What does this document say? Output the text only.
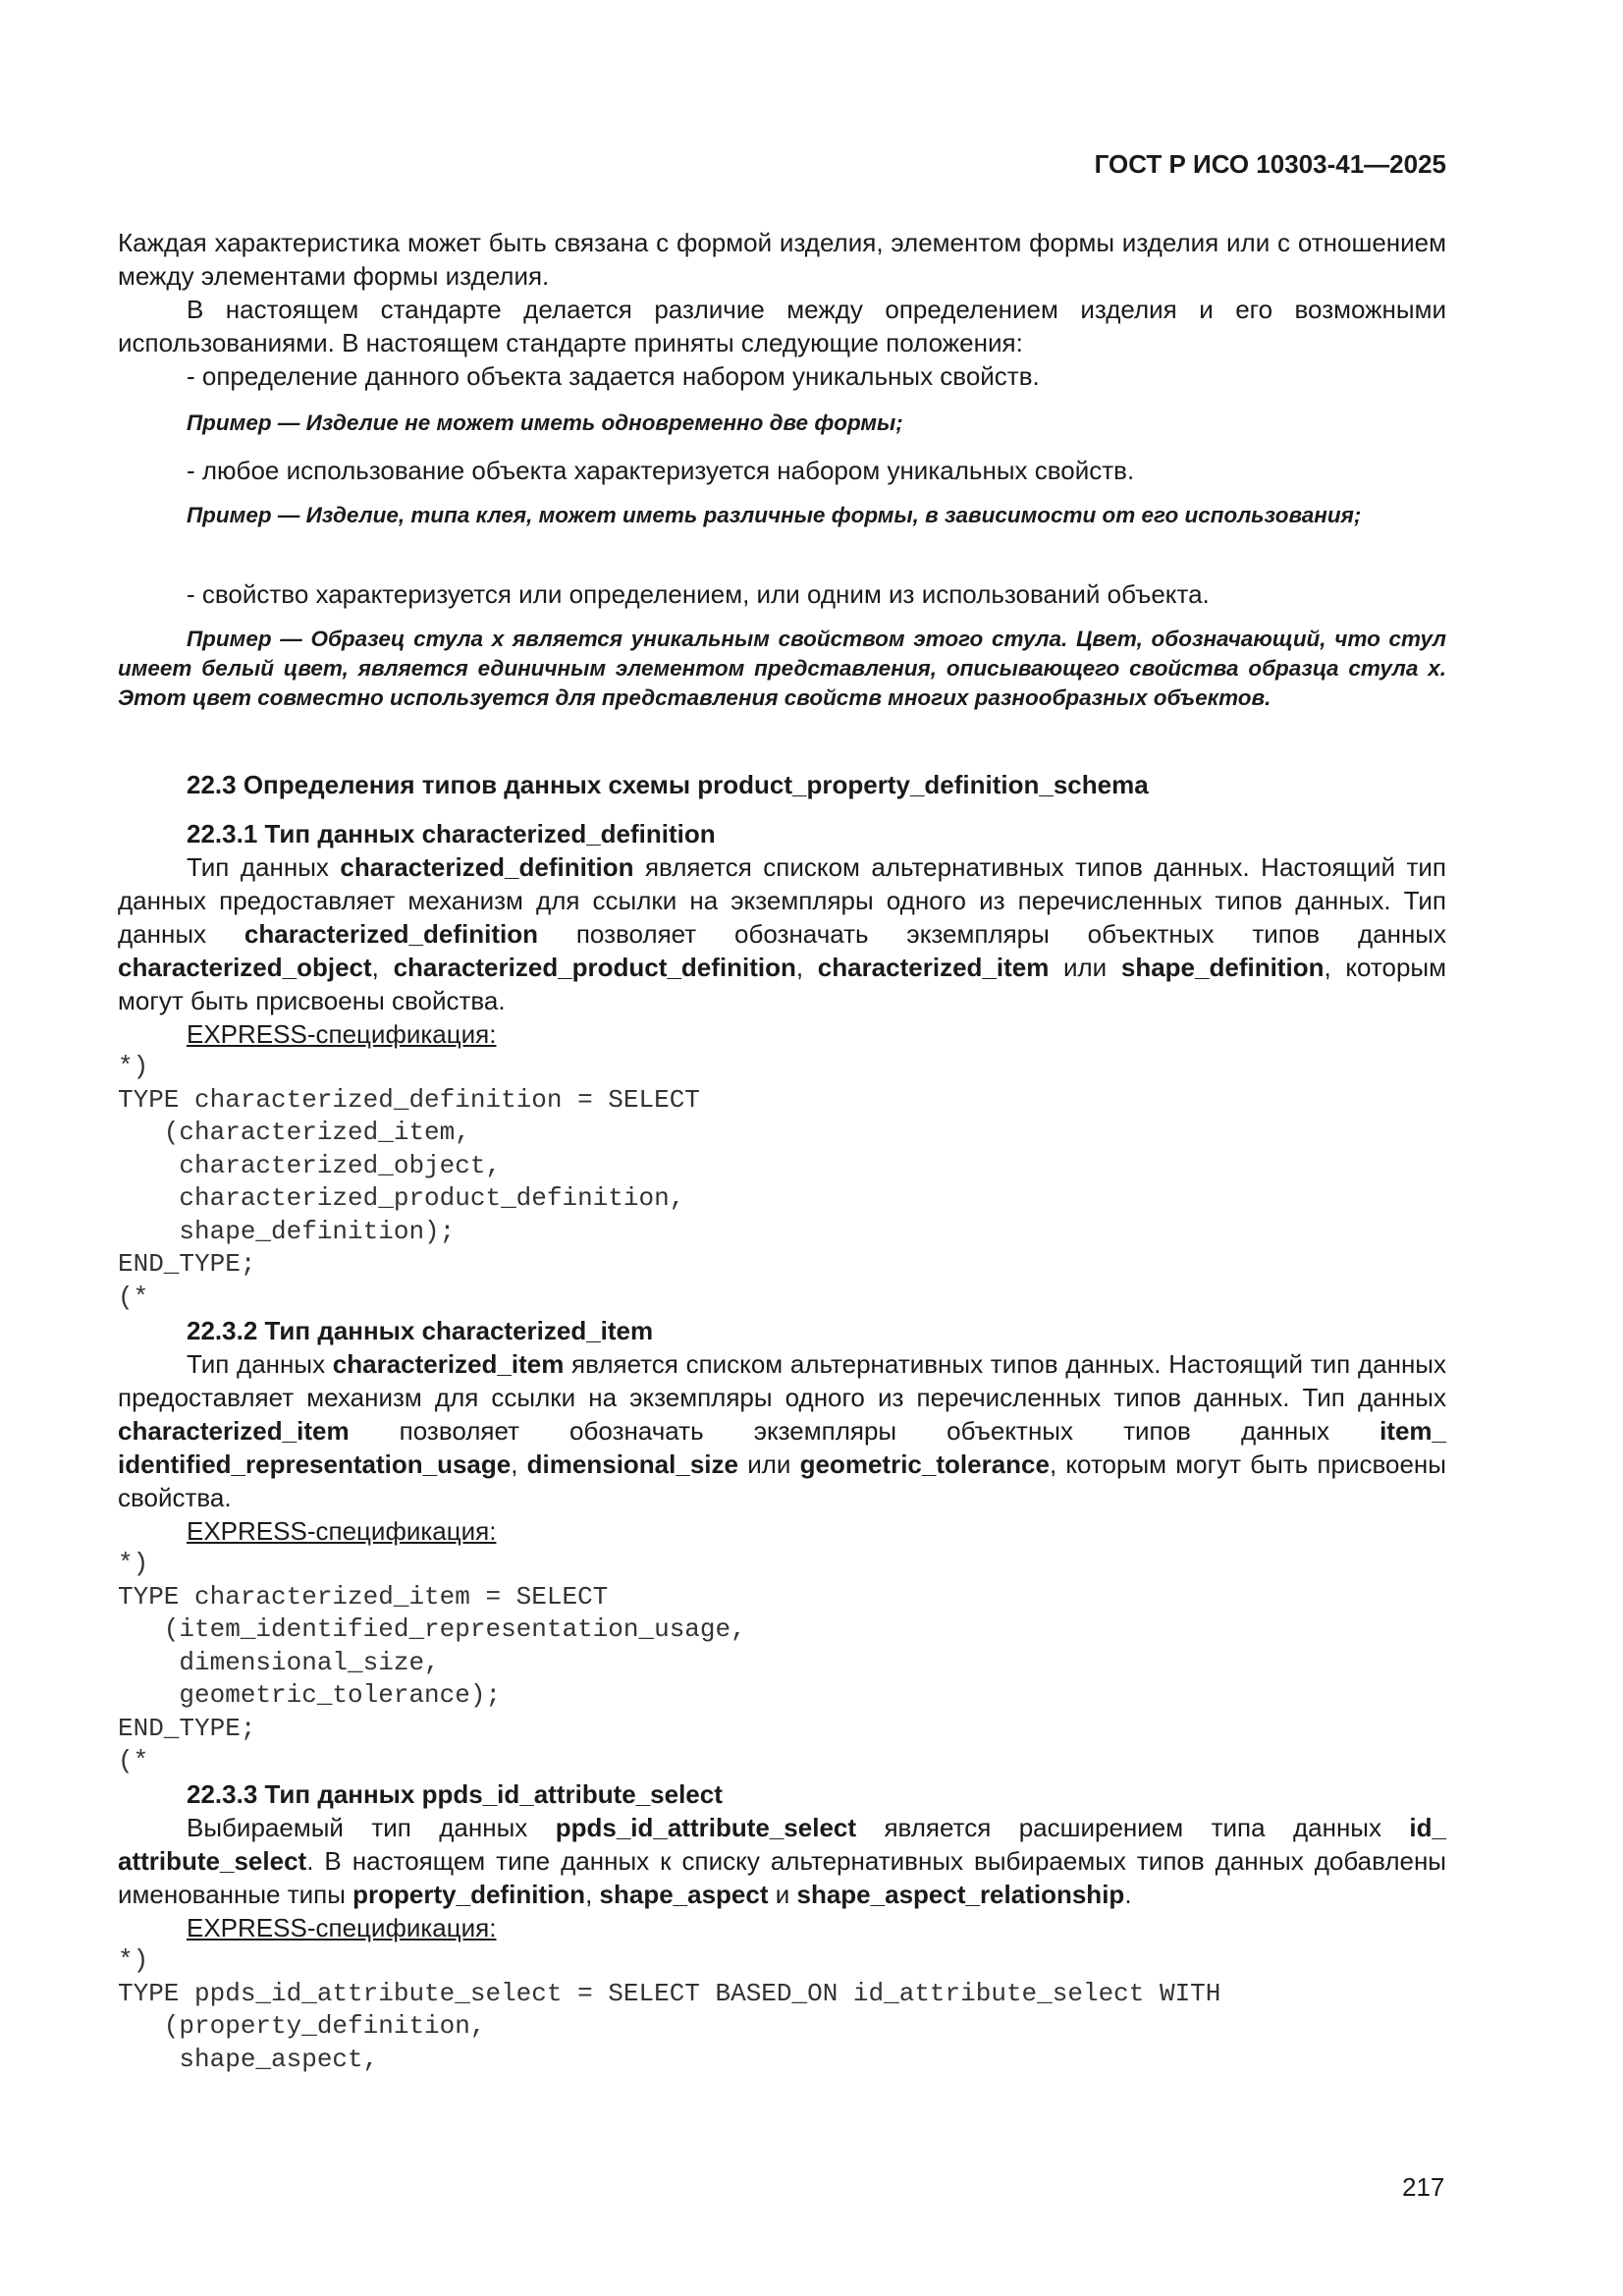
ГОСТ Р ИСО 10303-41—2025

Каждая характеристика может быть связана с формой изделия, элементом формы изделия или с отношением между элементами формы изделия.

В настоящем стандарте делается различие между определением изделия и его возможными использованиями. В настоящем стандарте приняты следующие положения:

- определение данного объекта задается набором уникальных свойств.

Пример — Изделие не может иметь одновременно две формы;

- любое использование объекта характеризуется набором уникальных свойств.

Пример — Изделие, типа клея, может иметь различные формы, в зависимости от его использования;

- свойство характеризуется или определением, или одним из использований объекта.

Пример — Образец стула x является уникальным свойством этого стула. Цвет, обозначающий, что стул имеет белый цвет, является единичным элементом представления, описывающего свойства образца стула x. Этот цвет совместно используется для представления свойств многих разнообразных объектов.
22.3 Определения типов данных схемы product_property_definition_schema
22.3.1 Тип данных characterized_definition

Тип данных characterized_definition является списком альтернативных типов данных. Настоящий тип данных предоставляет механизм для ссылки на экземпляры одного из перечисленных типов данных. Тип данных characterized_definition позволяет обозначать экземпляры объектных типов данных characterized_object, characterized_product_definition, characterized_item или shape_definition, которым могут быть присвоены свойства.

EXPRESS-спецификация:

*)
TYPE characterized_definition = SELECT
(characterized_item,
characterized_object,
characterized_product_definition,
shape_definition);
END_TYPE;
(*
22.3.2 Тип данных characterized_item

Тип данных characterized_item является списком альтернативных типов данных. Настоящий тип данных предоставляет механизм для ссылки на экземпляры одного из перечисленных типов данных. Тип данных characterized_item позволяет обозначать экземпляры объектных типов данных item_ identified_representation_usage, dimensional_size или geometric_tolerance, которым могут быть присвоены свойства.

EXPRESS-спецификация:

*)
TYPE characterized_item = SELECT
(item_identified_representation_usage,
dimensional_size,
geometric_tolerance);
END_TYPE;
(*
22.3.3 Тип данных ppds_id_attribute_select

Выбираемый тип данных ppds_id_attribute_select является расширением типа данных id_ attribute_select. В настоящем типе данных к списку альтернативных выбираемых типов данных добавлены именованные типы property_definition, shape_aspect и shape_aspect_relationship.

EXPRESS-спецификация:

*)
TYPE ppds_id_attribute_select = SELECT BASED_ON id_attribute_select WITH
(property_definition,
shape_aspect,
217
